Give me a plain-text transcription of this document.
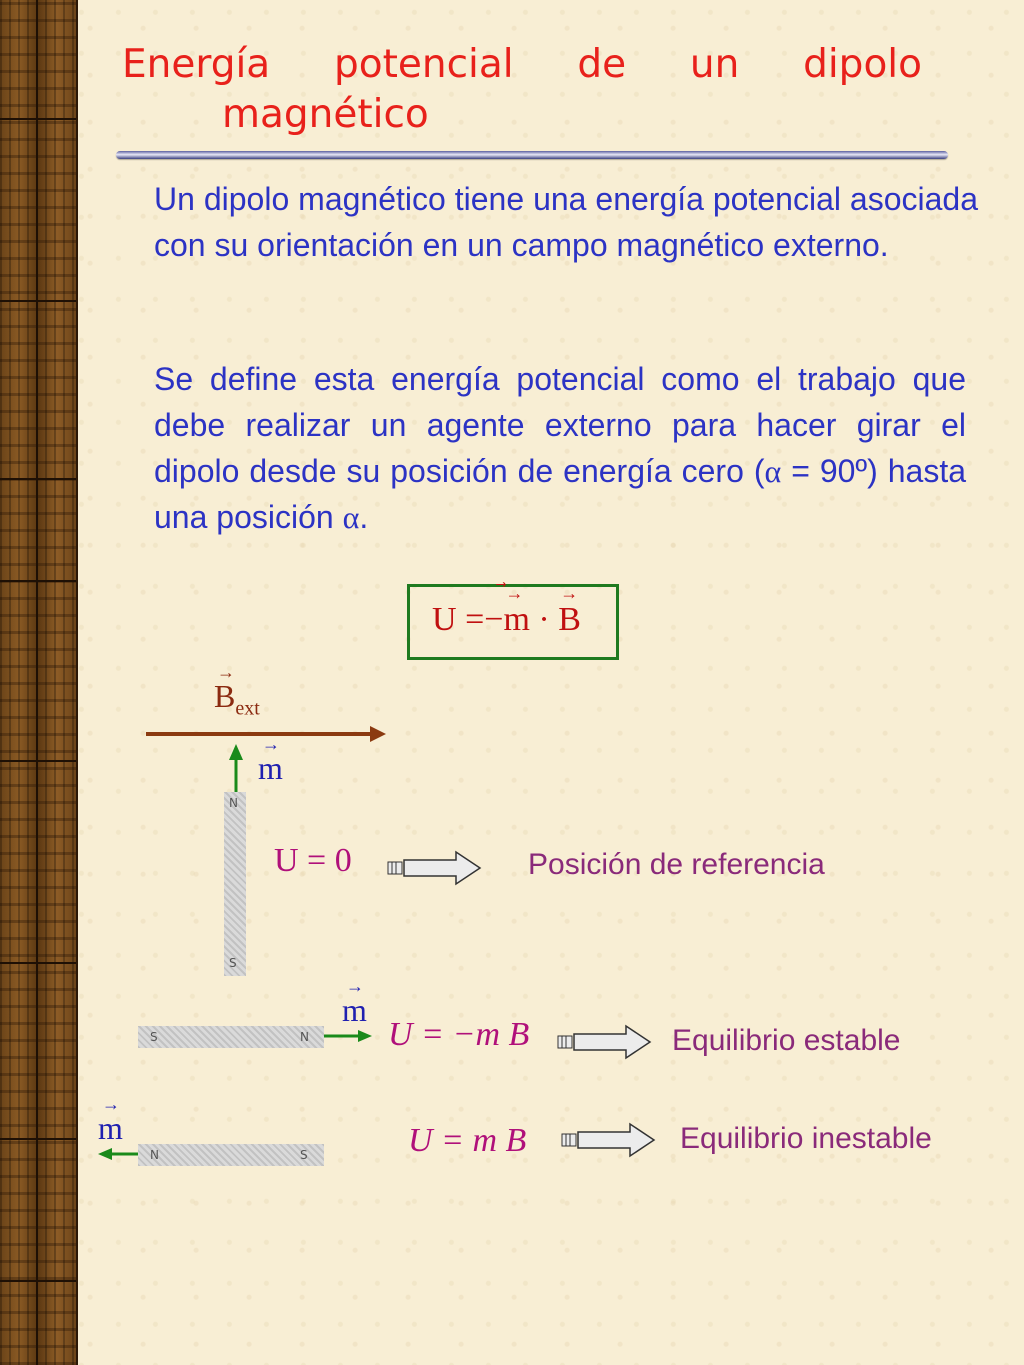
Energía potencial de un dipolo
magnético
Un dipolo magnético tiene una energía potencial asociada con su orientación en un campo magnético externo.
Se define esta energía potencial como el trabajo que debe realizar un agente externo para hacer girar el dipolo desde su posición de energía cero (α = 90º) hasta una posición α.
U =−m
→
· B
→
B
→
$_{ext}$
m
→
N
S
U = 0	Posición de referencia
S	N
m
→
U = −m B	Equilibrio estable
m
→
N	S	U = m B	Equilibrio inestable
